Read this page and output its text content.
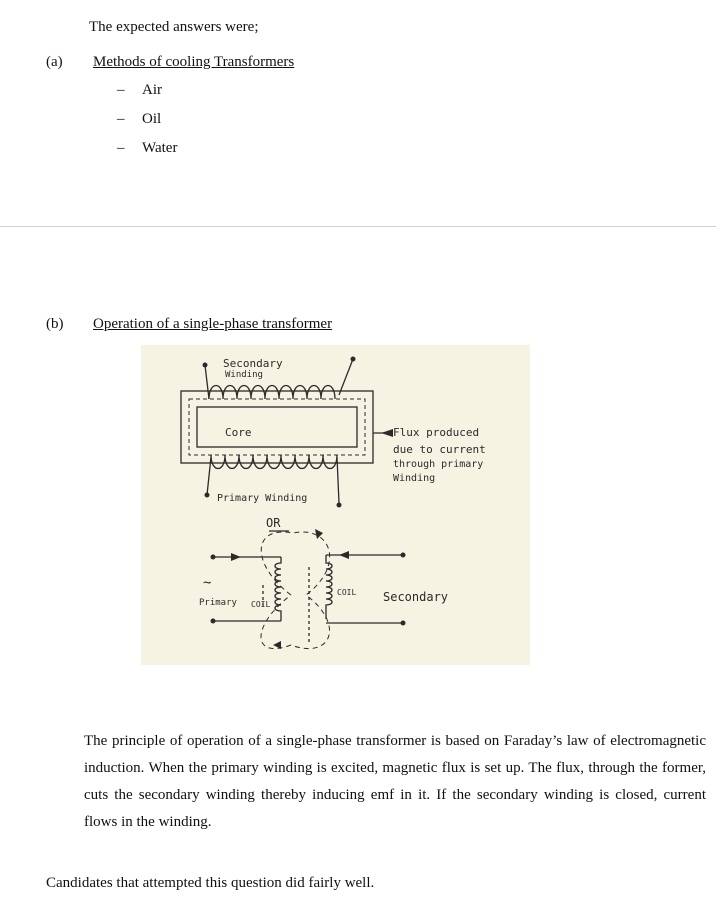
The expected answers were;
(a) Methods of cooling Transformers
– Air
– Oil
– Water
(b) Operation of a single-phase transformer
Secondary
Winding
Core	Flux produced
due to current
through primary
Winding
Primary Winding
OR
~
Primary COIL
COIL Secondary
The principle of operation of a single-phase transformer is based on Faraday’s law of electromagnetic induction. When the primary winding is excited, magnetic flux is set up. The flux, through the former, cuts the secondary winding thereby inducing emf in it. If the secondary winding is closed, current flows in the winding.
Candidates that attempted this question did fairly well.
